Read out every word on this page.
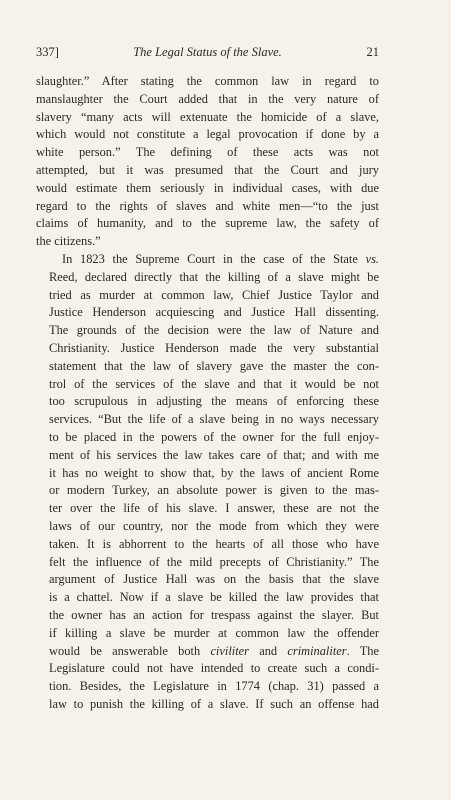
337]	The Legal Status of the Slave.	21

slaughter.” After stating the common law in regard to
manslaughter the Court added that in the very nature of
slavery “many acts will extenuate the homicide of a slave,
which would not constitute a legal provocation if done by a
white person.” The defining of these acts was not
attempted, but it was presumed that the Court and jury
would estimate them seriously in individual cases, with due
regard to the rights of slaves and white men—“to the just
claims of humanity, and to the supreme law, the safety of
the citizens.”

In 1823 the Supreme Court in the case of the State vs.
Reed, declared directly that the killing of a slave might be
tried as murder at common law, Chief Justice Taylor and
Justice Henderson acquiescing and Justice Hall dissenting.
The grounds of the decision were the law of Nature and
Christianity. Justice Henderson made the very substantial
statement that the law of slavery gave the master the con-
trol of the services of the slave and that it would be not
too scrupulous in adjusting the means of enforcing these
services. “But the life of a slave being in no ways necessary
to be placed in the powers of the owner for the full enjoy-
ment of his services the law takes care of that; and with me
it has no weight to show that, by the laws of ancient Rome
or modern Turkey, an absolute power is given to the mas-
ter over the life of his slave. I answer, these are not the
laws of our country, nor the mode from which they were
taken. It is abhorrent to the hearts of all those who have
felt the influence of the mild precepts of Christianity.” The
argument of Justice Hall was on the basis that the slave
is a chattel. Now if a slave be killed the law provides that
the owner has an action for trespass against the slayer. But
if killing a slave be murder at common law the offender
would be answerable both civiliter and criminaliter. The
Legislature could not have intended to create such a condi-
tion. Besides, the Legislature in 1774 (chap. 31) passed a
law to punish the killing of a slave. If such an offense had
